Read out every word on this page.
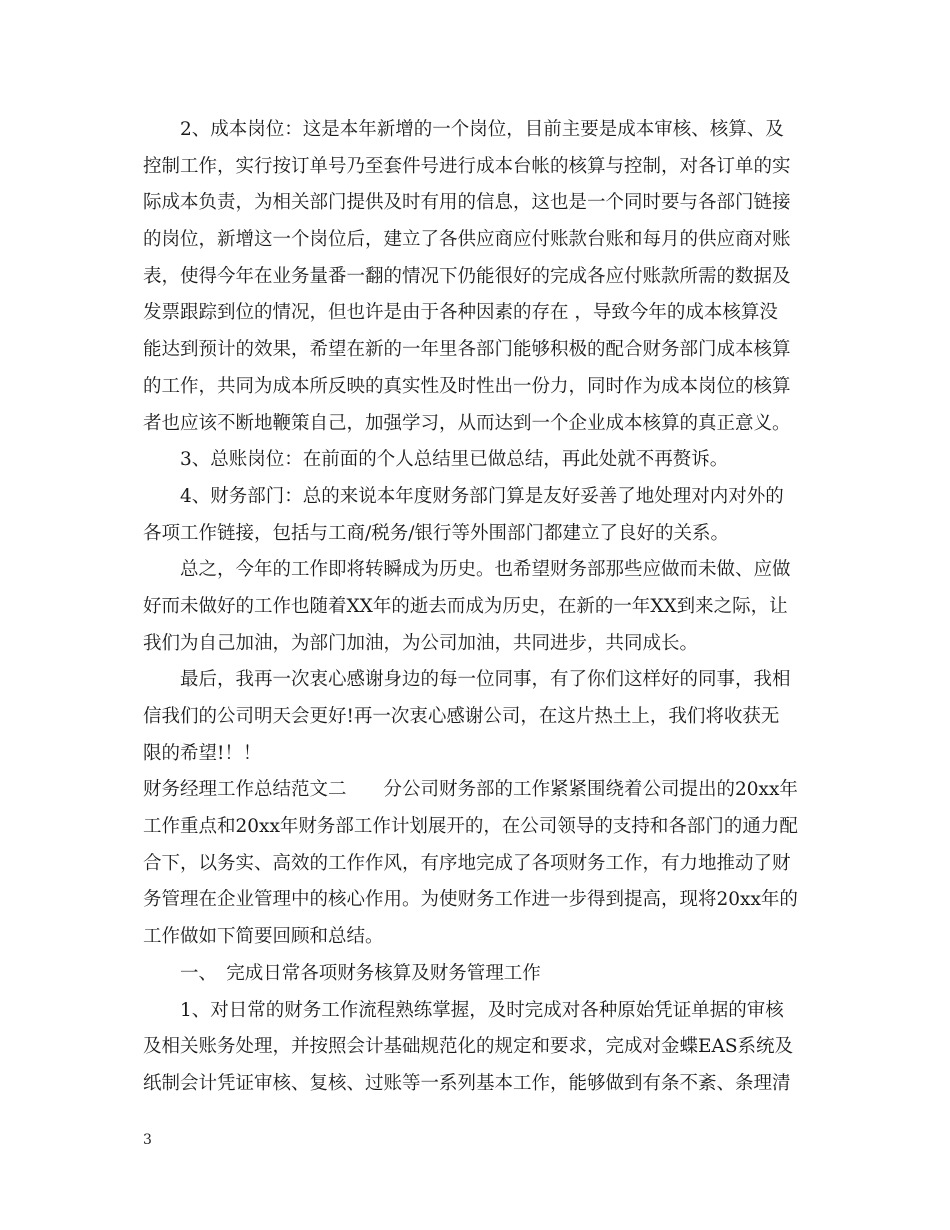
2、成本岗位：这是本年新增的一个岗位，目前主要是成本审核、核算、及
控制工作，实行按订单号乃至套件号进行成本台帐的核算与控制，对各订单的实
际成本负责，为相关部门提供及时有用的信息，这也是一个同时要与各部门链接
的岗位，新增这一个岗位后，建立了各供应商应付账款台账和每月的供应商对账
表，使得今年在业务量番一翻的情况下仍能很好的完成各应付账款所需的数据及
发票跟踪到位的情况，但也许是由于各种因素的存在 ，导致今年的成本核算没
能达到预计的效果，希望在新的一年里各部门能够积极的配合财务部门成本核算
的工作，共同为成本所反映的真实性及时性出一份力，同时作为成本岗位的核算
者也应该不断地鞭策自己，加强学习，从而达到一个企业成本核算的真正意义。
3、总账岗位：在前面的个人总结里已做总结，再此处就不再赘诉。
4、财务部门：总的来说本年度财务部门算是友好妥善了地处理对内对外的
各项工作链接，包括与工商/税务/银行等外围部门都建立了良好的关系。
总之，今年的工作即将转瞬成为历史。也希望财务部那些应做而未做、应做
好而未做好的工作也随着XX年的逝去而成为历史，在新的一年XX到来之际，让
我们为自己加油，为部门加油，为公司加油，共同进步，共同成长。
最后，我再一次衷心感谢身边的每一位同事，有了你们这样好的同事，我相
信我们的公司明天会更好!再一次衷心感谢公司，在这片热土上，我们将收获无
限的希望!！！
财务经理工作总结范文二　　分公司财务部的工作紧紧围绕着公司提出的20xx年
工作重点和20xx年财务部工作计划展开的，在公司领导的支持和各部门的通力配
合下，以务实、高效的工作作风，有序地完成了各项财务工作，有力地推动了财
务管理在企业管理中的核心作用。为使财务工作进一步得到提高，现将20xx年的
工作做如下简要回顾和总结。
一、　完成日常各项财务核算及财务管理工作
1、对日常的财务工作流程熟练掌握，及时完成对各种原始凭证单据的审核
及相关账务处理，并按照会计基础规范化的规定和要求，完成对金蝶EAS系统及
纸制会计凭证审核、复核、过账等一系列基本工作，能够做到有条不紊、条理清
3
